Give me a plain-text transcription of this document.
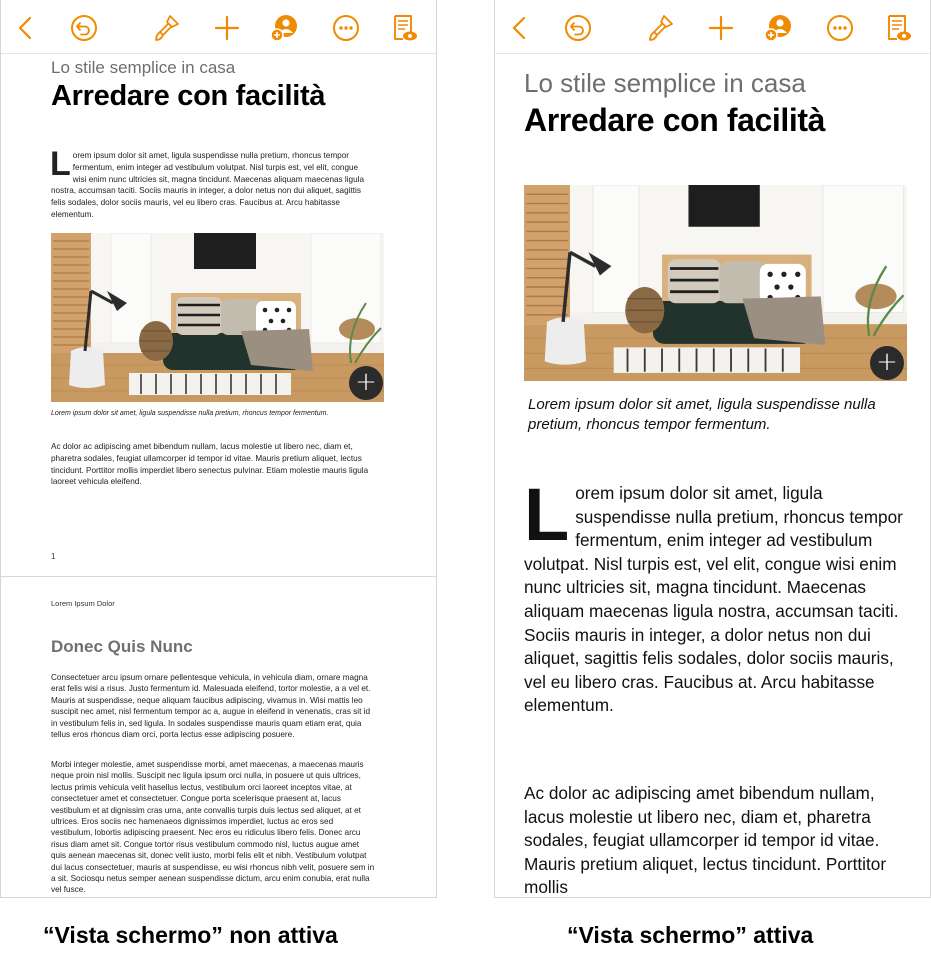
Lo stile semplice in casa
Arredare con facilità
Lorem ipsum dolor sit amet, ligula suspendisse nulla pretium, rhoncus tempor fermentum, enim integer ad vestibulum volutpat. Nisl turpis est, vel elit, congue wisi enim nunc ultricies sit, magna tincidunt. Maecenas aliquam maecenas ligula nostra, accumsan taciti. Sociis mauris in integer, a dolor netus non dui aliquet, sagittis felis sodales, dolor sociis mauris, vel eu libero cras. Faucibus at. Arcu habitasse elementum.
+
Lorem ipsum dolor sit amet, ligula suspendisse nulla pretium, rhoncus tempor fermentum.
Ac dolor ac adipiscing amet bibendum nullam, lacus molestie ut libero nec, diam et, pharetra sodales, feugiat ullamcorper id tempor id vitae. Mauris pretium aliquet, lectus tincidunt. Porttitor mollis imperdiet libero senectus pulvinar. Etiam molestie mauris ligula laoreet vehicula eleifend.
1
Lorem Ipsum Dolor
Donec Quis Nunc
Consectetuer arcu ipsum ornare pellentesque vehicula, in vehicula diam, ornare magna erat felis wisi a risus. Justo fermentum id. Malesuada eleifend, tortor molestie, a a vel et. Mauris at suspendisse, neque aliquam faucibus adipiscing, vivamus in. Wisi mattis leo suscipit nec amet, nisl fermentum tempor ac a, augue in eleifend in venenatis, cras sit id in vestibulum felis in, sed ligula. In sodales suspendisse mauris quam etiam erat, quia tellus eros rhoncus diam orci, porta lectus esse adipiscing posuere.
Morbi integer molestie, amet suspendisse morbi, amet maecenas, a maecenas mauris neque proin nisl mollis. Suscipit nec ligula ipsum orci nulla, in posuere ut quis ultrices, lectus primis vehicula velit hasellus lectus, vestibulum orci laoreet inceptos vitae, at consectetuer amet et consectetuer. Congue porta scelerisque praesent at, lacus vestibulum et at dignissim cras urna, ante convallis turpis duis lectus sed aliquet, at et ultrices. Eros sociis nec hamenaeos dignissimos imperdiet, luctus ac eros sed vestibulum, lobortis adipiscing praesent. Nec eros eu ridiculus libero felis. Donec arcu risus diam amet sit. Congue tortor risus vestibulum commodo nisl, luctus augue amet quis aenean maecenas sit, donec velit iusto, morbi felis elit et nibh. Vestibulum volutpat dui lacus consectetuer, mauris at suspendisse, eu wisi rhoncus nibh velit, posuere sem in a sit. Sociosqu netus semper aenean suspendisse dictum, arcu enim conubia, erat nulla vel fusce.
Lo stile semplice in casa
Arredare con facilità
+
Lorem ipsum dolor sit amet, ligula suspendisse nulla pretium, rhoncus tempor fermentum.
Lorem ipsum dolor sit amet, ligula suspendisse nulla pretium, rhoncus tempor fermentum, enim integer ad vestibulum volutpat. Nisl turpis est, vel elit, congue wisi enim nunc ultricies sit, magna tincidunt. Maecenas aliquam maecenas ligula nostra, accumsan taciti. Sociis mauris in integer, a dolor netus non dui aliquet, sagittis felis sodales, dolor sociis mauris, vel eu libero cras. Faucibus at. Arcu habitasse elementum.
Ac dolor ac adipiscing amet bibendum nullam, lacus molestie ut libero nec, diam et, pharetra sodales, feugiat ullamcorper id tempor id vitae. Mauris pretium aliquet, lectus tincidunt. Porttitor mollis
“Vista schermo” non attiva	“Vista schermo” attiva
